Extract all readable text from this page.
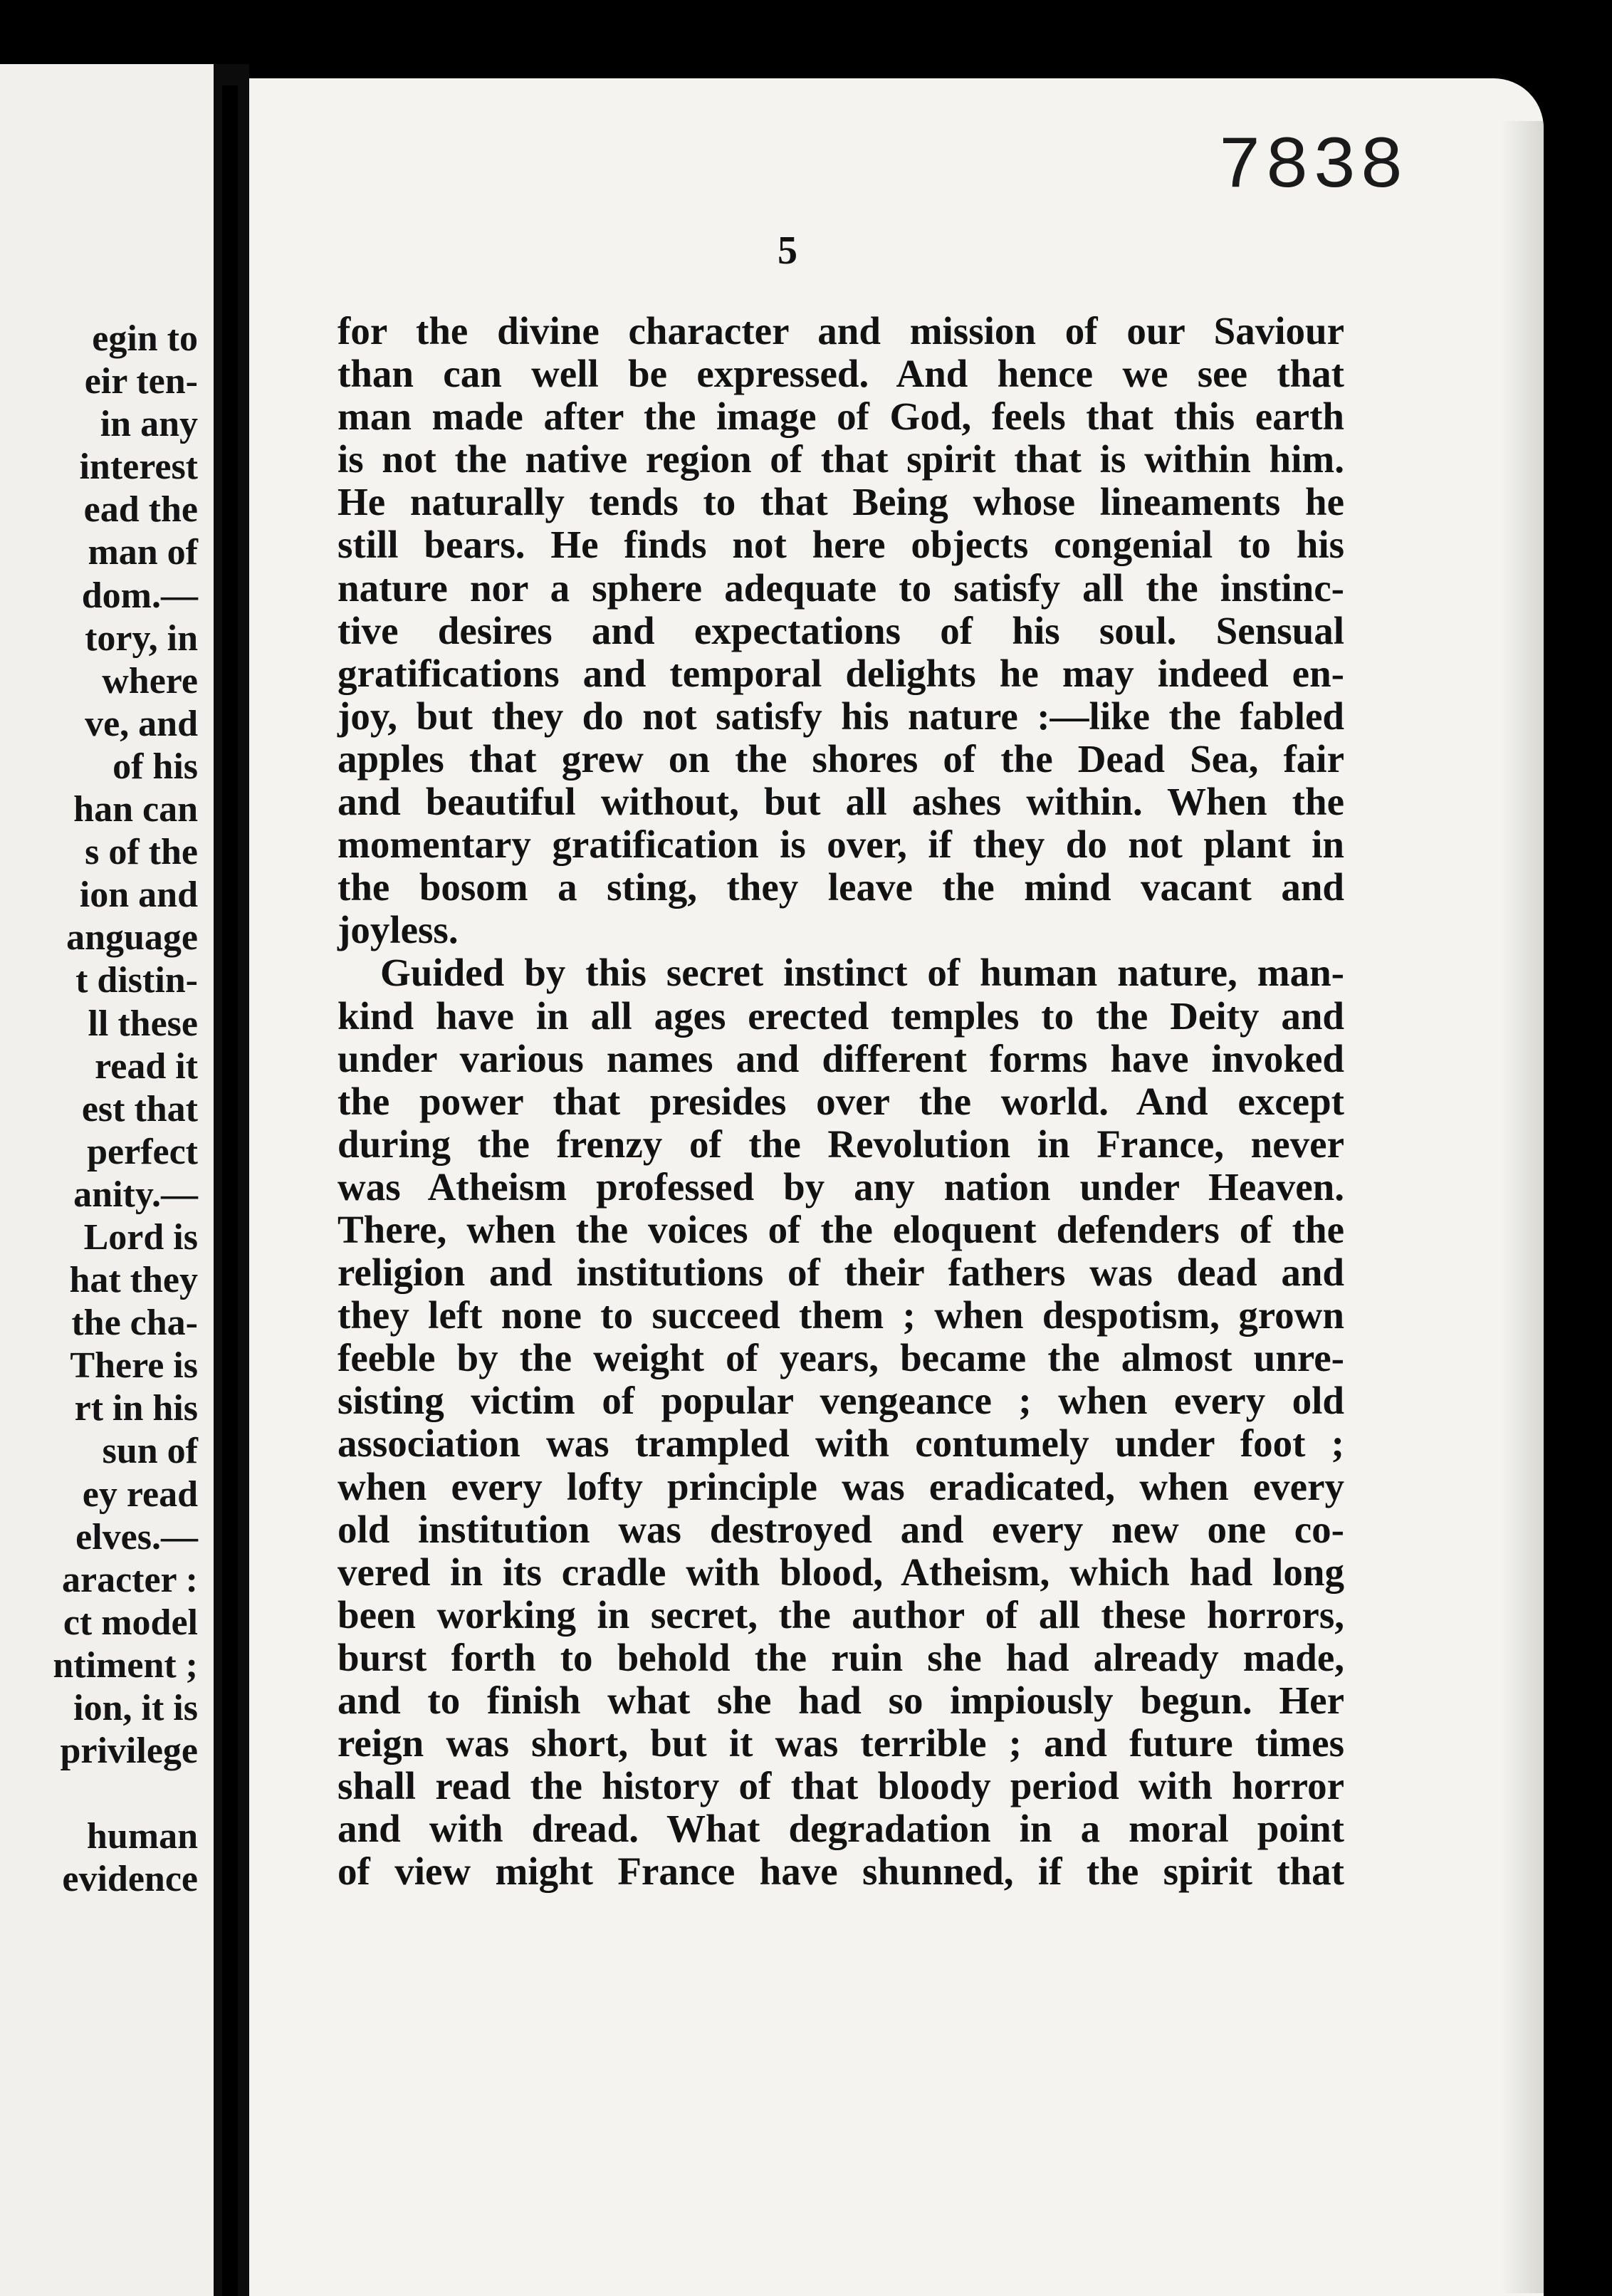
egin to
eir ten-
in any
interest
ead the
man of
dom.—
tory, in
where
ve, and
of his
han can
s of the
ion and
anguage
t distin-
ll these
read it
est that
perfect
anity.—
Lord is
hat they
the cha-
There is
rt in his
sun of
ey read
elves.—
aracter :
ct model
ntiment ;
ion, it is
privilege
human
evidence
7838
5
for the divine character and mission of our Saviour
than can well be expressed. And hence we see that
man made after the image of God, feels that this earth
is not the native region of that spirit that is within him.
He naturally tends to that Being whose lineaments he
still bears. He finds not here objects congenial to his
nature nor a sphere adequate to satisfy all the instinc-
tive desires and expectations of his soul. Sensual
gratifications and temporal delights he may indeed en-
joy, but they do not satisfy his nature :—like the fabled
apples that grew on the shores of the Dead Sea, fair
and beautiful without, but all ashes within. When the
momentary gratification is over, if they do not plant in
the bosom a sting, they leave the mind vacant and
joyless.
Guided by this secret instinct of human nature, man-
kind have in all ages erected temples to the Deity and
under various names and different forms have invoked
the power that presides over the world. And except
during the frenzy of the Revolution in France, never
was Atheism professed by any nation under Heaven.
There, when the voices of the eloquent defenders of the
religion and institutions of their fathers was dead and
they left none to succeed them ; when despotism, grown
feeble by the weight of years, became the almost unre-
sisting victim of popular vengeance ; when every old
association was trampled with contumely under foot ;
when every lofty principle was eradicated, when every
old institution was destroyed and every new one co-
vered in its cradle with blood, Atheism, which had long
been working in secret, the author of all these horrors,
burst forth to behold the ruin she had already made,
and to finish what she had so impiously begun. Her
reign was short, but it was terrible ; and future times
shall read the history of that bloody period with horror
and with dread. What degradation in a moral point
of view might France have shunned, if the spirit that
